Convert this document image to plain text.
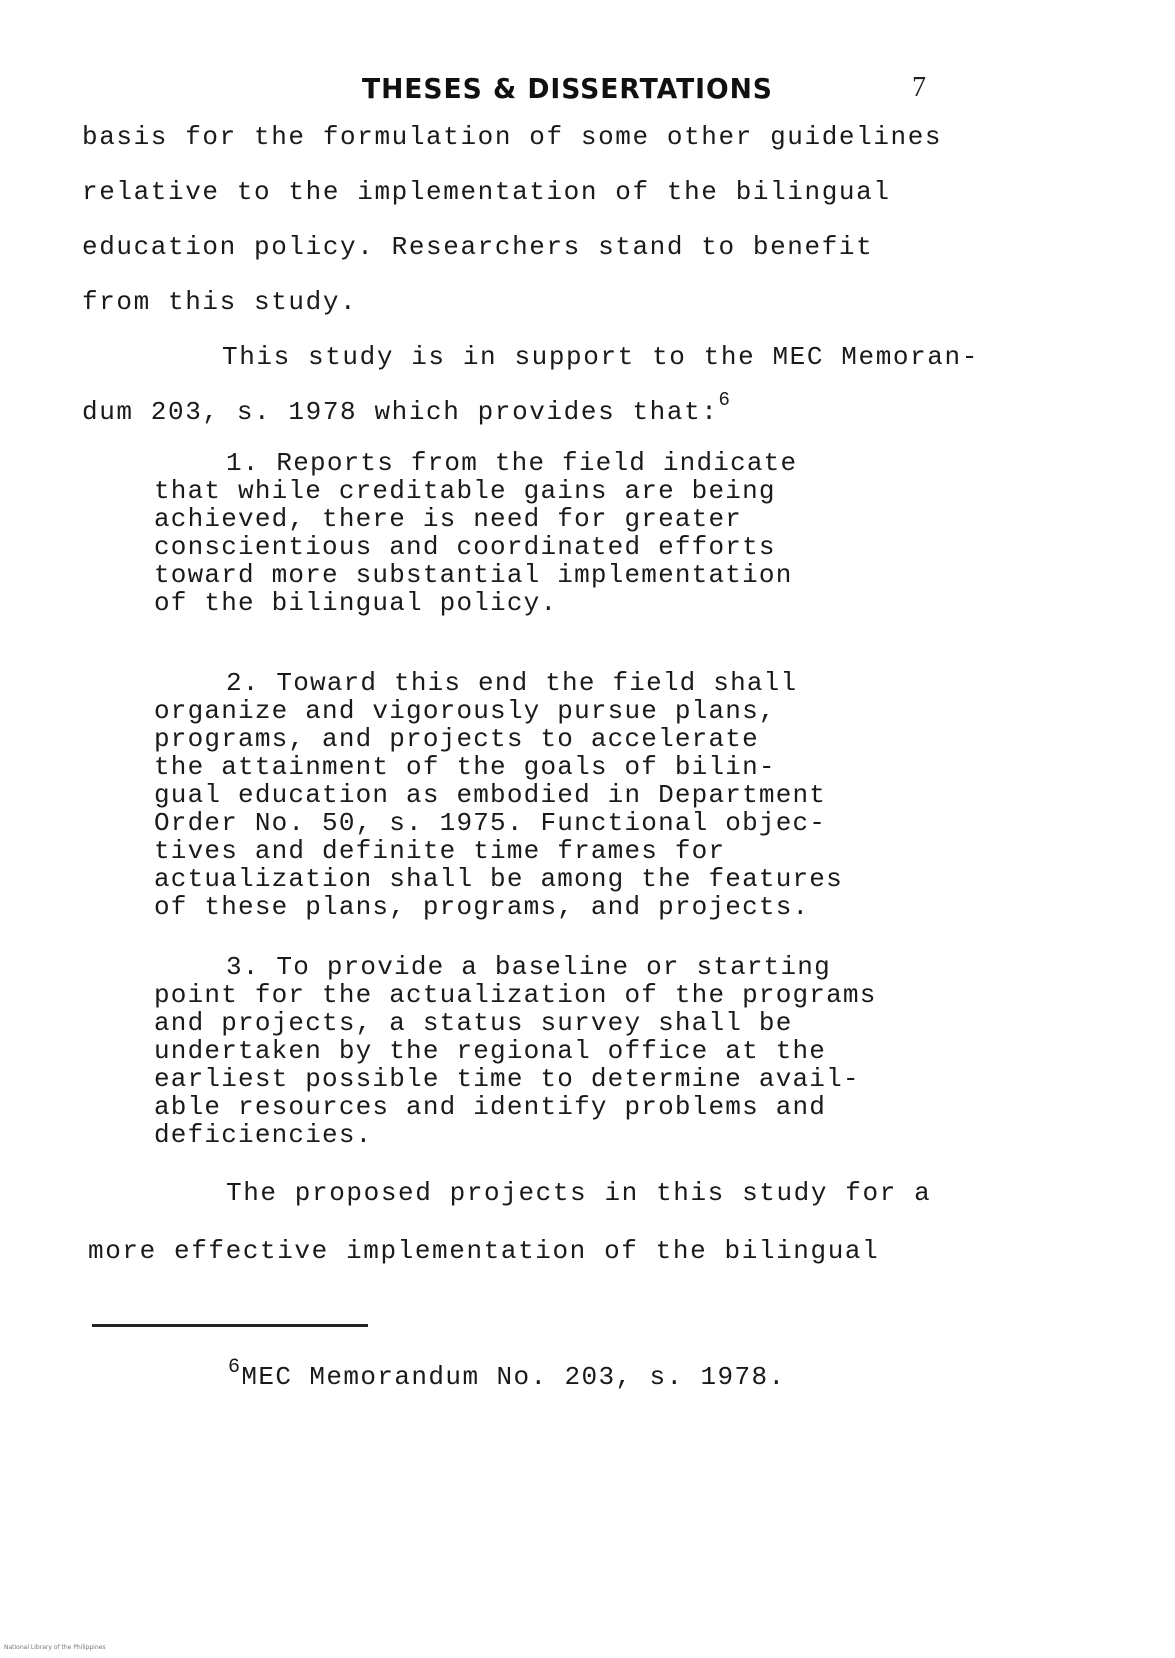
THESES & DISSERTATIONS	7
basis for the formulation of some other guidelines
relative to the implementation of the bilingual
education policy. Researchers stand to benefit
from this study.
This study is in support to the MEC Memoran-
dum 203, s. 1978 which provides that:$^6$
1. Reports from the field indicate
that while creditable gains are being
achieved, there is need for greater
conscientious and coordinated efforts
toward more substantial implementation
of the bilingual policy.
2. Toward this end the field shall
organize and vigorously pursue plans,
programs, and projects to accelerate
the attainment of the goals of bilin-
gual education as embodied in Department
Order No. 50, s. 1975. Functional objec-
tives and definite time frames for
actualization shall be among the features
of these plans, programs, and projects.
3. To provide a baseline or starting
point for the actualization of the programs
and projects, a status survey shall be
undertaken by the regional office at the
earliest possible time to determine avail-
able resources and identify problems and
deficiencies.
The proposed projects in this study for a
more effective implementation of the bilingual
$^6$MEC Memorandum No. 203, s. 1978.
National Library of the Philippines
